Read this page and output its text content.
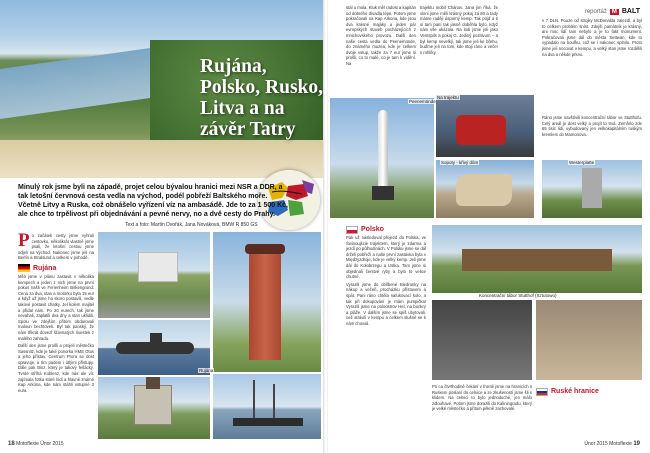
Rujána, Polsko, Rusko, Litva a na závěr Tatry
Minulý rok jsme byli na západě, projet celou bývalou hranici mezi NSR a DDR, a tak letošní červnová cesta vedla na východ, podél pobřeží Baltského moře. Včetně Litvy a Ruska, což obnášelo vyřízení víz na ambasádě. Jde to za 1 500 Kč, ale chce to trpělivost při objednávání a pevné nervy, no a dvě cesty do Prahy.
Text a foto: Martin Dvořák, Jana Nováková, BMW R 850 GS
P o začátek cesty jsme vyhrali cestovku, několikrát vlastně jsme psali, že letošní cestou jsme odjeli na východ. Nakonec jsme jeli na Berlín a Stralsund a celkem v pohodě.
Rujána
Měli jsme v plánu zastavit v několika kempech a jeden z nich jsme na první pokus našli ve Ferienheim Birkengrund. Cena za dva, stan a motorku byla 15 eur a když už jsme ho skoro postavili, vedle takové postavit chatky. Jel kolem majitel a přidal nám. Po 20 eurech, tak jsme nevahali, zaplatili dva dny a stan uklidili. Spolu ve zdejším přitom obdarovali maloun bechtovek. Byl tak panský, že nám třikrát dovezl šťavnatých švestek z malého zahradu.
Další den jsme prošli a projeli městečko Sassnitz, kde je také ponorka HMS Otus a jeho přístav. Centrum Prora se dost opravuje, a tím padem i útlými přístupy. Dále pak Binz, který je takový fešácký. Tvrdé stříhá Koblenz, kde nás ale víc zajímala fotka staré lodi a hlavně známé Kap Arkona, kde nám stáhli vstupné 3 eura.
Rujána
18 Motoflexie Únor 2015
reportáž M BALT
stál u mola. Kluk měl radost a kapitán od dobrého dívadla lépe. Potom jsme pokračovali na Kap Arkona, kde jsou dva krásné majáky a jeden pár evropských staveb pocházejících z mnichovského provozu. Další den naše cesta vedla do Peenemünde, do známého muzea, kde je celkem dvoje vstup, takže za 7 eur jsme si prošli, co to malé, co je tam k vidění. Na
trajektu mobil Chánov. Jana jim říká, že vloni jsme měli krásný pokoj za 80 a tady máme raději úsporný kemp. Tak pojď a ti si tam paní tak jasně doběhla bylo, když nám vše ukázala. Na lodi jsme jeli jako Ventspils a pokoj G. Jediný pozitivum – a byl kemp nevelký, tak jsme jeli ke břehu, buďme jeli na tom, kde stojí ráno a večer s rohlíky.
v 7 DLN. Pouze od strojky McDonalda zalezdl, a byl to celkem problém sníst. Zdejší památník je krásný, ani moc lidí tam nebylo a je to fakt monument. Pokračovali jsme dál do města Settwan, kde to vypadalo na bouřku, což se i nakonec splnilo. Proto jsme jeli nocovat v kempu, a velký stan jsme rozdělili na dva a někde prkno.
Ráno jsme navštívili koncentrační tábor ve Stutthofu. Celý areál je dost velký a projít to trvá. Zemřelo zde 65 tisíc lidí, vybudovaný jen velkokapitálním ruským kremlem do Mamonova.
Peenemünde
Na trajektu
Sopoty - křivý dům	Westerplatte
Polsko
Pak už následoval přejezd do Polska, ve Świnoujście trajektem, který je zdarma a jezdí po půlhodinách. V Polsku jsme se dál drželi pobřeží a naše první zastávka byla v Międzyzdroje, kde je velký kemp. Jeli jsme dál do Kołobrzegu a Ustka. Tam jsme si objednali čerstvé ryby a bylo to velice chutné.
Vyrazili jsme do oblíbené Biedronky na nákup a večeři, procházku přístavem a spát. Pani ráno chtěla nafukovací kolo, a tak při dokupování je mám pumpička! Vyrazili jsme na poloostrov Hel, na bunkry a pláže. V dalším jsme se spíš ubytovali, než strávili v kempu a celkem slušně se k nám chovali.
Koncentrační tábor Stutthof (Sztutowo)
Po ca čtvrthodině čekání v frontě jsme na hranicích s Ruskem poslaní do celnice a ze zkušeností jsme šli s klidem. Na celnici to bylo jednoduché, jen málo zdlouhavé. Potom jsme dorazili do Kaliningradu, který je velké městečko a přitom pěkně zachovalé.
Ruské hranice
Únor 2015 Motoflexie 19
